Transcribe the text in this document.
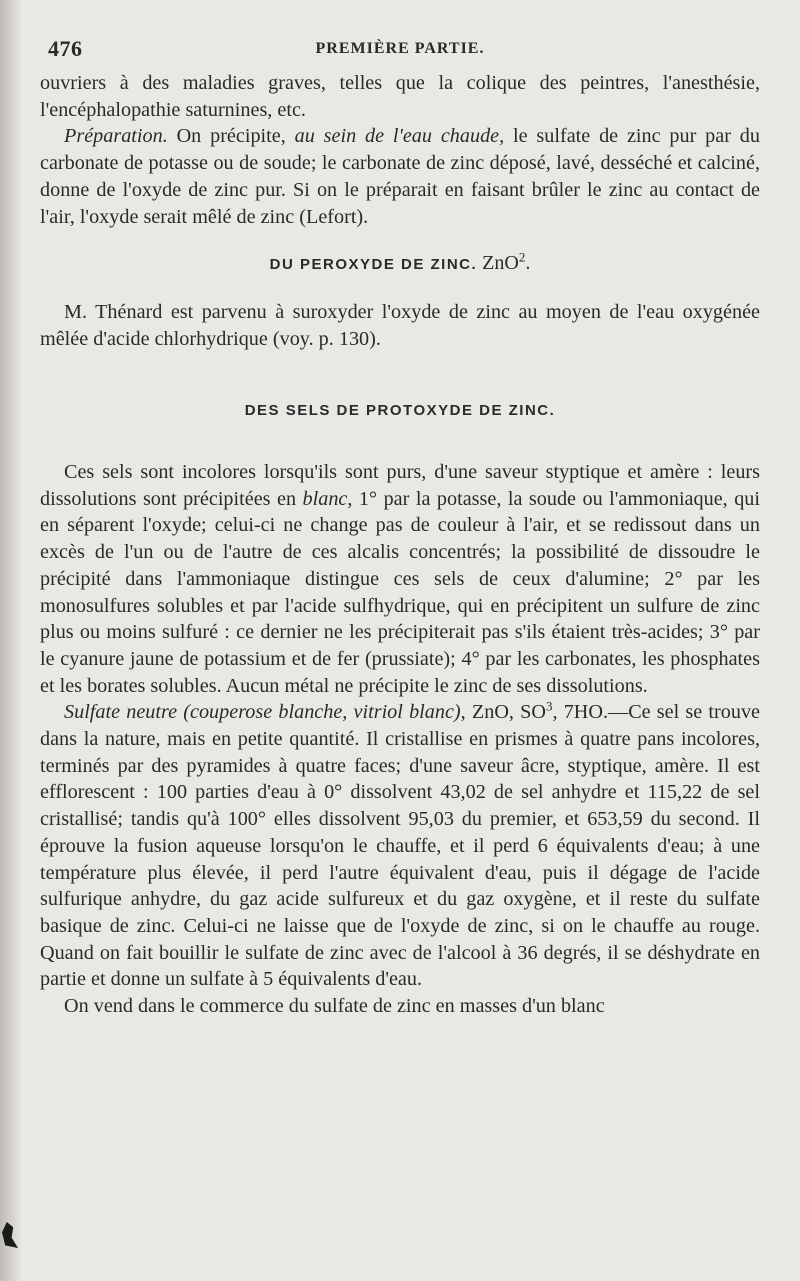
476	PREMIÈRE PARTIE.

ouvriers à des maladies graves, telles que la colique des peintres, l'anesthésie, l'encéphalopathie saturnines, etc.

Préparation. On précipite, au sein de l'eau chaude, le sulfate de zinc pur par du carbonate de potasse ou de soude; le carbonate de zinc déposé, lavé, desséché et calciné, donne de l'oxyde de zinc pur. Si on le préparait en faisant brûler le zinc au contact de l'air, l'oxyde serait mêlé de zinc (Lefort).

DU PEROXYDE DE ZINC. ZnO$^2$.

M. Thénard est parvenu à suroxyder l'oxyde de zinc au moyen de l'eau oxygénée mêlée d'acide chlorhydrique (voy. p. 130).

DES SELS DE PROTOXYDE DE ZINC.

Ces sels sont incolores lorsqu'ils sont purs, d'une saveur styptique et amère : leurs dissolutions sont précipitées en blanc, 1° par la potasse, la soude ou l'ammoniaque, qui en séparent l'oxyde; celui-ci ne change pas de couleur à l'air, et se redissout dans un excès de l'un ou de l'autre de ces alcalis concentrés; la possibilité de dissoudre le précipité dans l'ammoniaque distingue ces sels de ceux d'alumine; 2° par les monosulfures solubles et par l'acide sulfhydrique, qui en précipitent un sulfure de zinc plus ou moins sulfuré : ce dernier ne les précipiterait pas s'ils étaient très-acides; 3° par le cyanure jaune de potassium et de fer (prussiate); 4° par les carbonates, les phosphates et les borates solubles. Aucun métal ne précipite le zinc de ses dissolutions.

Sulfate neutre (couperose blanche, vitriol blanc), ZnO, $SO^3$, 7HO.—Ce sel se trouve dans la nature, mais en petite quantité. Il cristallise en prismes à quatre pans incolores, terminés par des pyramides à quatre faces; d'une saveur âcre, styptique, amère. Il est efflorescent : 100 parties d'eau à 0° dissolvent 43,02 de sel anhydre et 115,22 de sel cristallisé; tandis qu'à 100° elles dissolvent 95,03 du premier, et 653,59 du second. Il éprouve la fusion aqueuse lorsqu'on le chauffe, et il perd 6 équivalents d'eau; à une température plus élevée, il perd l'autre équivalent d'eau, puis il dégage de l'acide sulfurique anhydre, du gaz acide sulfureux et du gaz oxygène, et il reste du sulfate basique de zinc. Celui-ci ne laisse que de l'oxyde de zinc, si on le chauffe au rouge. Quand on fait bouillir le sulfate de zinc avec de l'alcool à 36 degrés, il se déshydrate en partie et donne un sulfate à 5 équivalents d'eau.

On vend dans le commerce du sulfate de zinc en masses d'un blanc
